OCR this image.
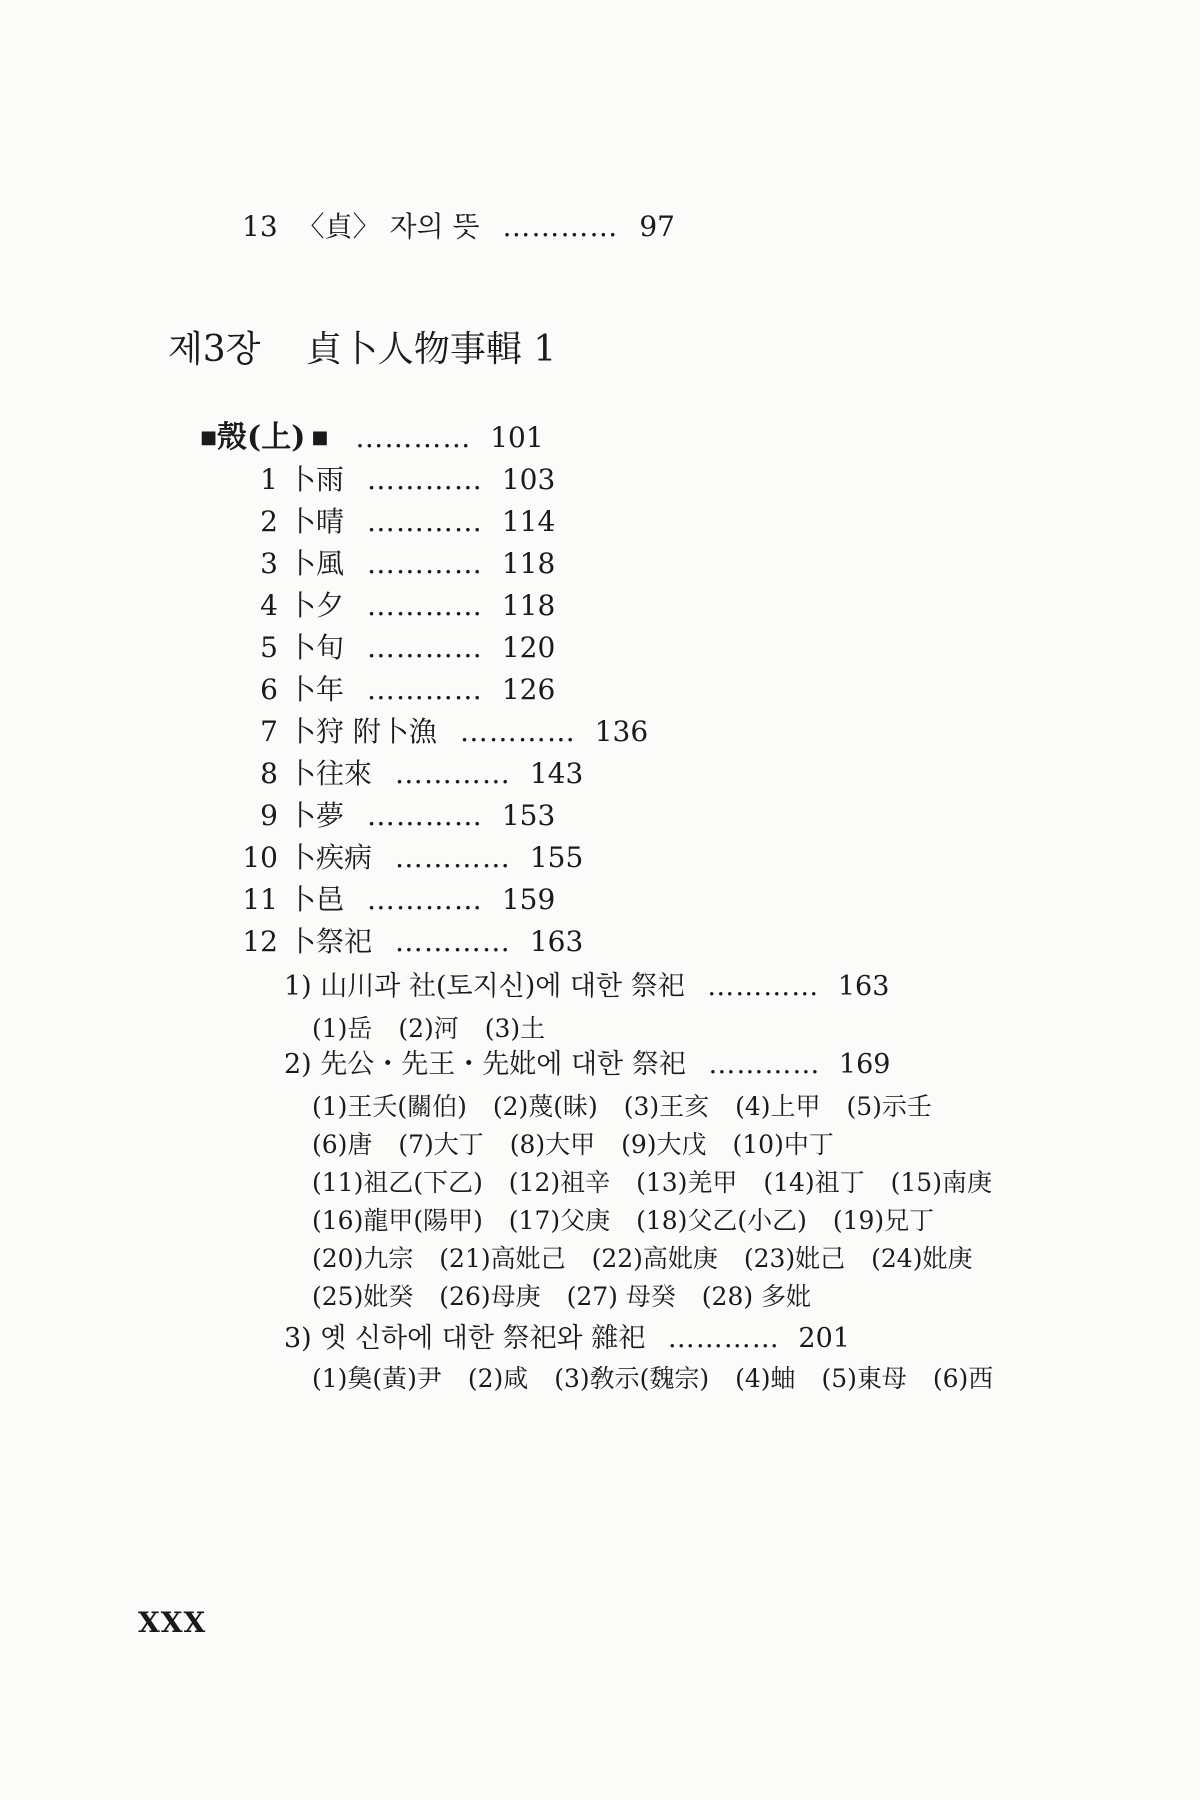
13 〈貞〉 자의 뜻 ………… 97
제3장 貞卜人物事輯 1
■殼(上) ■ ………… 101
1 卜雨 ………… 103
2 卜晴 ………… 114
3 卜風 ………… 118
4 卜夕 ………… 118
5 卜旬 ………… 120
6 卜年 ………… 126
7 卜狩 附卜漁 ………… 136
8 卜往來 ………… 143
9 卜夢 ………… 153
10 卜疾病 ………… 155
11 卜邑 ………… 159
12 卜祭祀 ………… 163
1) 山川과 社(토지신)에 대한 祭祀 ………… 163
(1)岳 (2)河 (3)土
2) 先公・先王・先妣에 대한 祭祀 ………… 169
(1)王夭(關伯) (2)蔑(昧) (3)王亥 (4)上甲 (5)示壬 (6)唐 (7)大丁 (8)大甲 (9)大戊 (10)中丁 (11)祖乙(下乙) (12)祖辛 (13)羌甲 (14)祖丁 (15)南庚 (16)龍甲(陽甲) (17)父庚 (18)父乙(小乙) (19)兄丁 (20)九宗 (21)高妣己 (22)高妣庚 (23)妣己 (24)妣庚 (25)妣癸 (26)母庚 (27) 母癸 (28) 多妣
3) 옛 신하에 대한 祭祀와 雜祀 ………… 201
(1)㚟(黃)尹 (2)咸 (3)敎示(魏宗) (4)蚰 (5)東母 (6)西
XXX
